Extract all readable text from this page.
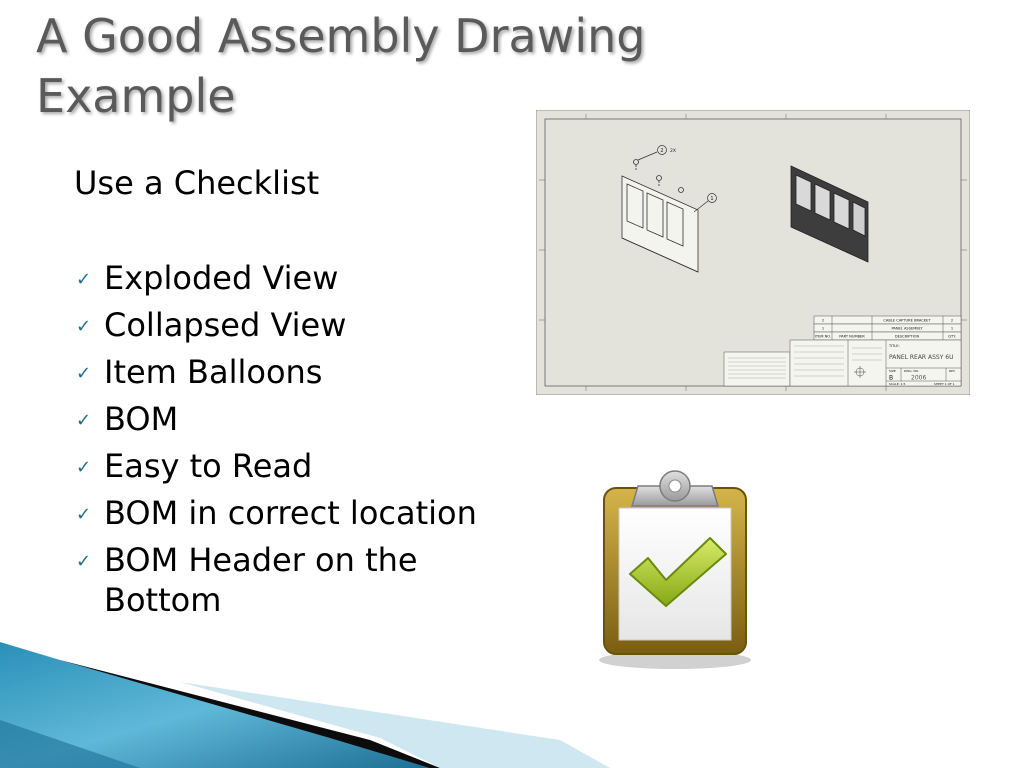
A Good Assembly Drawing Example
Use a Checklist
✓ Exploded View
✓ Collapsed View
✓ Item Balloons
✓ BOM
✓ Easy to Read
✓ BOM in correct location
✓ BOM Header on the Bottom
2 2X
1
2	CABLE CAPTURE BRACKET	2
1	PANEL ASSEMBLY	1
ITEM NO. PART NUMBER	DESCRIPTION	QTY.
TITLE:
PANEL REAR ASSY 6U
SIZE
B
DWG. NO.
2006
REV
SCALE: 1:5	SHEET 1 OF 1
